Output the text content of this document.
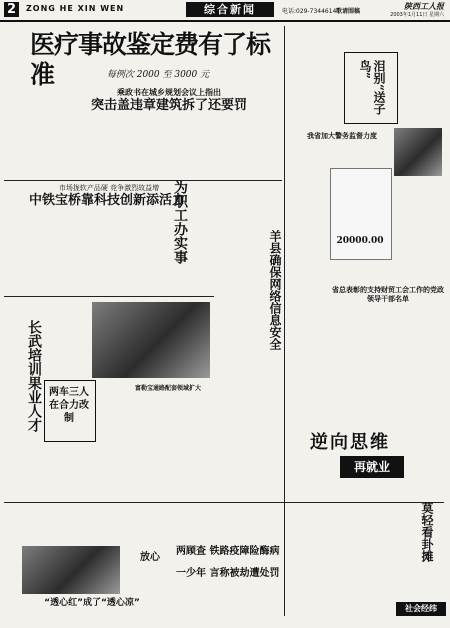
2	ZONG HE XIN WEN	综合新闻	电话:029-7344614 歌请围稿
陕西工人报
2003年1月11日 星期六
医疗事故鉴定费有了标准	每例次 2000 至 3000 元
乘政书在城乡规划会议上指出
突击盖违章建筑拆了还要罚
市场拢软产品硬 竞争激烈故益增
中铁宝桥靠科技创新添活力
为职工办实事
我省加大警务监督力度
泪别“送子鸟”
长武培训果业人才
羊县确保网络信息安全
富勒宝通路配套领域扩大
两车三人在合力改制
20000.00
省总表彰的支持财贸工会工作的党政领导干部名单
逆向思维
再就业
两顾查 铁路疫障险酶病
一少年 言称被劫遭处罚
莫轻看卦摊
“透心红”成了“透心凉”
放心
社会经纬
